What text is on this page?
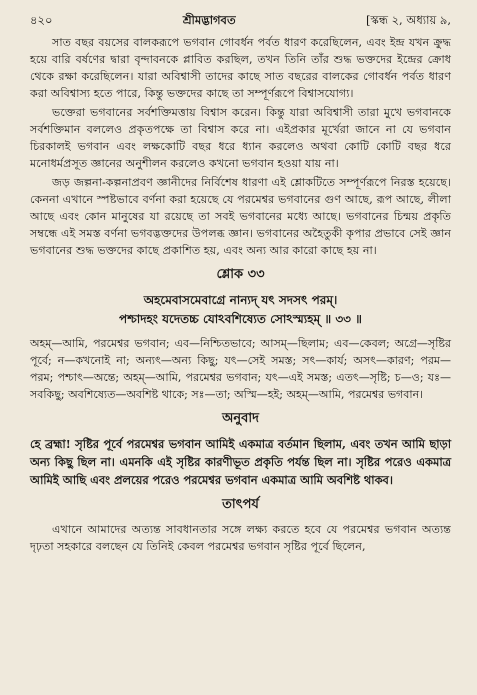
৪২০	শ্রীমদ্ভাগবত	[স্কন্ধ ২, অধ্যায় ৯,

সাত বছর বয়সের বালকরূপে ভগবান গোবর্ধন পর্বত ধারণ করেছিলেন, এবং ইন্দ্র যখন ক্রুদ্ধ হয়ে বারি বর্ষণের দ্বারা বৃন্দাবনকে প্লাবিত করছিল, তখন তিনি তাঁর শুদ্ধ ভক্তদের ইন্দ্রের ক্রোধ থেকে রক্ষা করেছিলেন। যারা অবিশ্বাসী তাদের কাছে সাত বছরের বালকের গোবর্ধন পর্বত ধারণ করা অবিশ্বাস্য হতে পারে, কিন্তু ভক্তদের কাছে তা সম্পূর্ণরূপে বিশ্বাসযোগ্য।

ভক্তেরা ভগবানের সর্বশক্তিমত্তায় বিশ্বাস করেন। কিন্তু যারা অবিশ্বাসী তারা মুখে ভগবানকে সর্বশক্তিমান বললেও প্রকৃতপক্ষে তা বিশ্বাস করে না। এইপ্রকার মূর্খেরা জানে না যে ভগবান চিরকালই ভগবান এবং লক্ষকোটি বছর ধরে ধ্যান করলেও অথবা কোটি কোটি বছর ধরে মনোধর্মপ্রসূত জ্ঞানের অনুশীলন করলেও কখনো ভগবান হওয়া যায় না।

জড় জল্পনা-কল্পনাপ্রবণ জ্ঞানীদের নির্বিশেষ ধারণা এই শ্লোকটিতে সম্পূর্ণরূপে নিরস্ত হয়েছে। কেননা এখানে স্পষ্টভাবে বর্ণনা করা হয়েছে যে পরমেশ্বর ভগবানের গুণ আছে, রূপ আছে, লীলা আছে এবং কোন মানুষের যা রয়েছে তা সবই ভগবানের মধ্যে আছে। ভগবানের চিন্ময় প্রকৃতি সম্বন্ধে এই সমস্ত বর্ণনা ভগবদ্ভক্তদের উপলব্ধ জ্ঞান। ভগবানের অহৈতুকী কৃপার প্রভাবে সেই জ্ঞান ভগবানের শুদ্ধ ভক্তদের কাছে প্রকাশিত হয়, এবং অন্য আর কারো কাছে হয় না।

শ্লোক ৩৩
অহমেবাসমেবাগ্রে নান্যদ্ যৎ সদসৎ পরম্।
পশ্চাদহং যদেতচ্চ যোঽবশিষ্যেত সোঽস্ম্যহম্ ॥ ৩৩ ॥

অহম্—আমি, পরমেশ্বর ভগবান; এব—নিশ্চিতভাবে; আসম্—ছিলাম; এব—কেবল; অগ্রে—সৃষ্টির পূর্বে; ন—কখনোই না; অন্যৎ—অন্য কিছু; যৎ—সেই সমস্ত; সৎ—কার্য; অসৎ—কারণ; পরম—পরম; পশ্চাৎ—অন্তে; অহম্—আমি, পরমেশ্বর ভগবান; যৎ—এই সমস্ত; এতৎ—সৃষ্টি; চ—ও; যঃ—সবকিছু; অবশিষ্যেত—অবশিষ্ট থাকে; সঃ—তা; অস্মি—হই; অহম্—আমি, পরমেশ্বর ভগবান।

অনুবাদ

হে ব্রহ্মা! সৃষ্টির পূর্বে পরমেশ্বর ভগবান আমিই একমাত্র বর্তমান ছিলাম, এবং তখন আমি ছাড়া অন্য কিছু ছিল না। এমনকি এই সৃষ্টির কারণীভূত প্রকৃতি পর্যন্ত ছিল না। সৃষ্টির পরেও একমাত্র আমিই আছি এবং প্রলয়ের পরেও পরমেশ্বর ভগবান একমাত্র আমি অবশিষ্ট থাকব।

তাৎপর্য

এখানে আমাদের অত্যন্ত সাবধানতার সঙ্গে লক্ষ্য করতে হবে যে পরমেশ্বর ভগবান অত্যন্ত দৃঢ়তা সহকারে বলছেন যে তিনিই কেবল পরমেশ্বর ভগবান সৃষ্টির পূর্বে ছিলেন,
